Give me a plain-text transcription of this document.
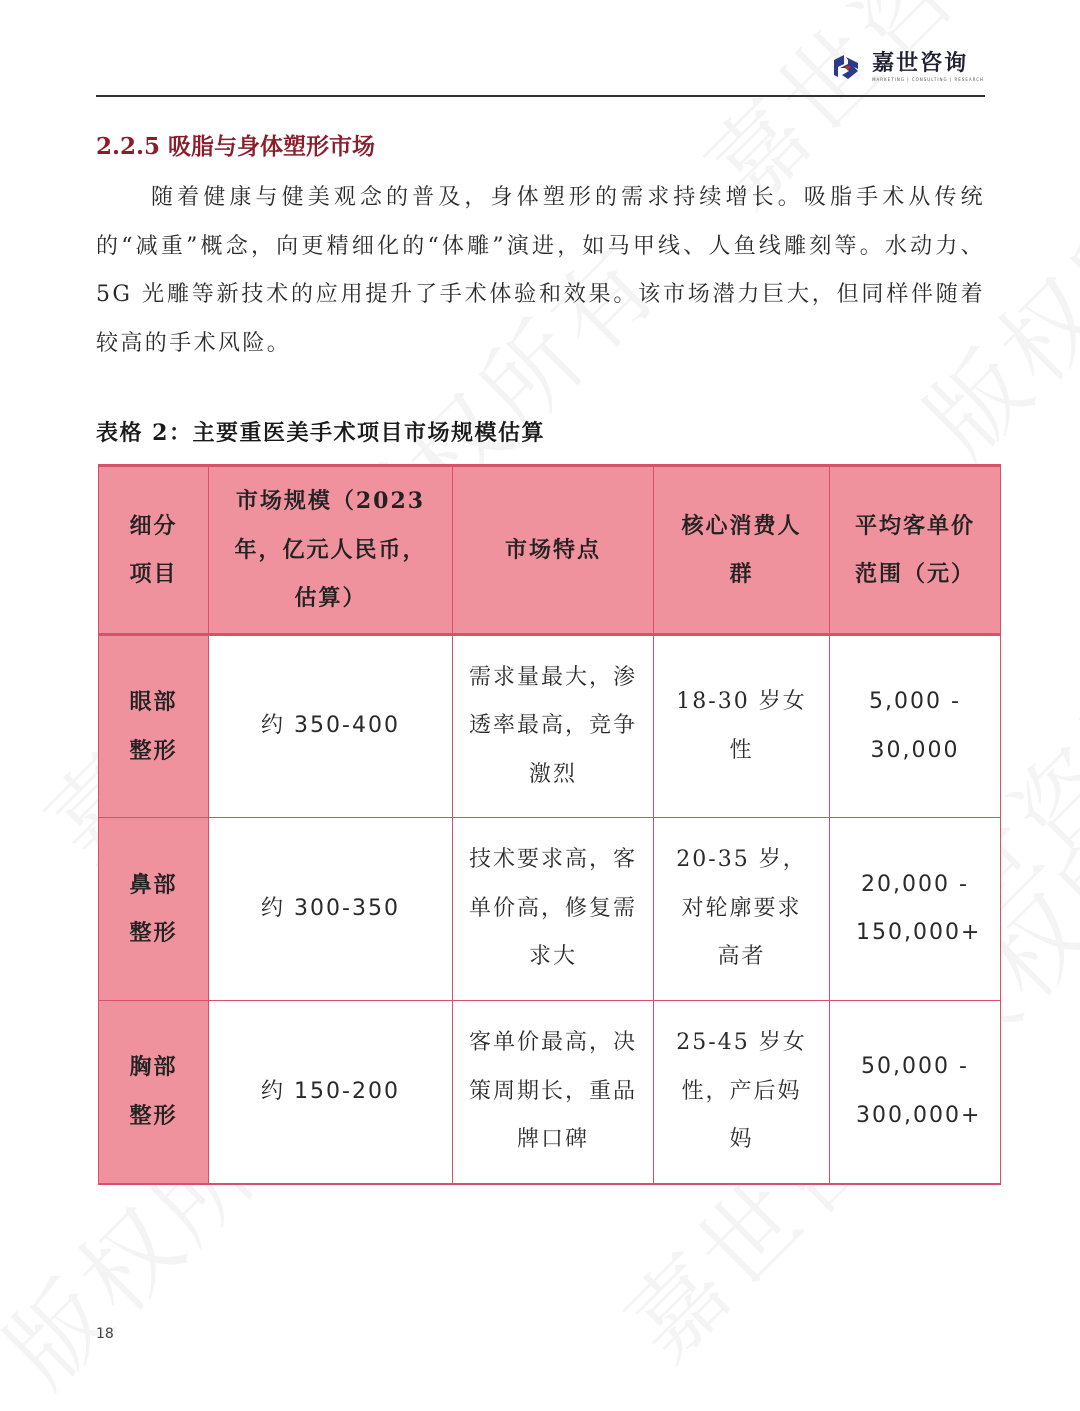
嘉世咨询
MARKETING | CONSULTING | RESEARCH
2.2.5 吸脂与身体塑形市场
随着健康与健美观念的普及，身体塑形的需求持续增长。吸脂手术从传统的“减重”概念，向更精细化的“体雕”演进，如马甲线、人鱼线雕刻等。水动力、5G 光雕等新技术的应用提升了手术体验和效果。该市场潜力巨大，但同样伴随着较高的手术风险。
表格 2：主要重医美手术项目市场规模估算
细分项目	市场规模（2023年，亿元人民币，估算）	市场特点	核心消费人群	平均客单价范围（元）
眼部整形	约 350-400	需求量最大，渗透率最高，竞争激烈	18-30 岁女性	5,000 - 30,000
鼻部整形	约 300-350	技术要求高，客单价高，修复需求大	20-35 岁，对轮廓要求高者	20,000 - 150,000+
胸部整形	约 150-200	客单价最高，决策周期长，重品牌口碑	25-45 岁女性，产后妈妈	50,000 - 300,000+
18
